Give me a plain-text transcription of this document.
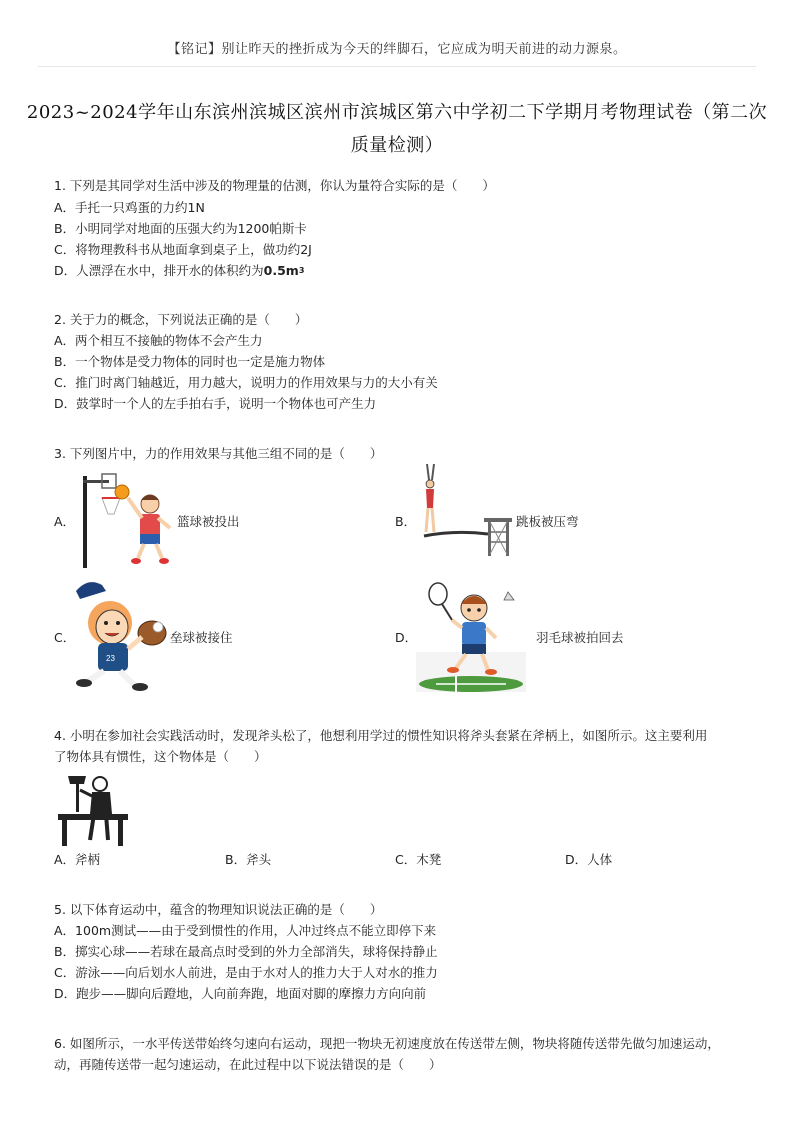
【铭记】别让昨天的挫折成为今天的绊脚石，它应成为明天前进的动力源泉。
2023~2024学年山东滨州滨城区滨州市滨城区第六中学初二下学期月考物理试卷（第二次
质量检测）
1. 下列是其同学对生活中涉及的物理量的估测，你认为量符合实际的是（　　）
A．手托一只鸡蛋的力约1N
B．小明同学对地面的压强大约为1200帕斯卡
C．将物理教科书从地面拿到桌子上，做功约2J
D．人漂浮在水中，排开水的体积约为$0.5m^3$
2. 关于力的概念，下列说法正确的是（　　）
A．两个相互不接触的物体不会产生力
B．一个物体是受力物体的同时也一定是施力物体
C．推门时离门轴越近，用力越大，说明力的作用效果与力的大小有关
D．鼓掌时一个人的左手拍右手，说明一个物体也可产生力
3. 下列图片中，力的作用效果与其他三组不同的是（　　）
A．	篮球被投出	B．	跳板被压弯
C．
23
垒球被接住	D．	羽毛球被拍回去
4. 小明在参加社会实践活动时，发现斧头松了，他想利用学过的惯性知识将斧头套紧在斧柄上，如图所示。这主要利用
了物体具有惯性，这个物体是（　　）
A．斧柄	B．斧头	C．木凳	D．人体
5. 以下体育运动中，蕴含的物理知识说法正确的是（　　）
A．100m测试——由于受到惯性的作用，人冲过终点不能立即停下来
B．掷实心球——若球在最高点时受到的外力全部消失，球将保持静止
C．游泳——向后划水人前进，是由于水对人的推力大于人对水的推力
D．跑步——脚向后蹬地，人向前奔跑，地面对脚的摩擦力方向向前
6. 如图所示，一水平传送带始终匀速向右运动，现把一物块无初速度放在传送带左侧，物块将随传送带先做匀加速运动，
动，再随传送带一起匀速运动，在此过程中以下说法错误的是（　　）
